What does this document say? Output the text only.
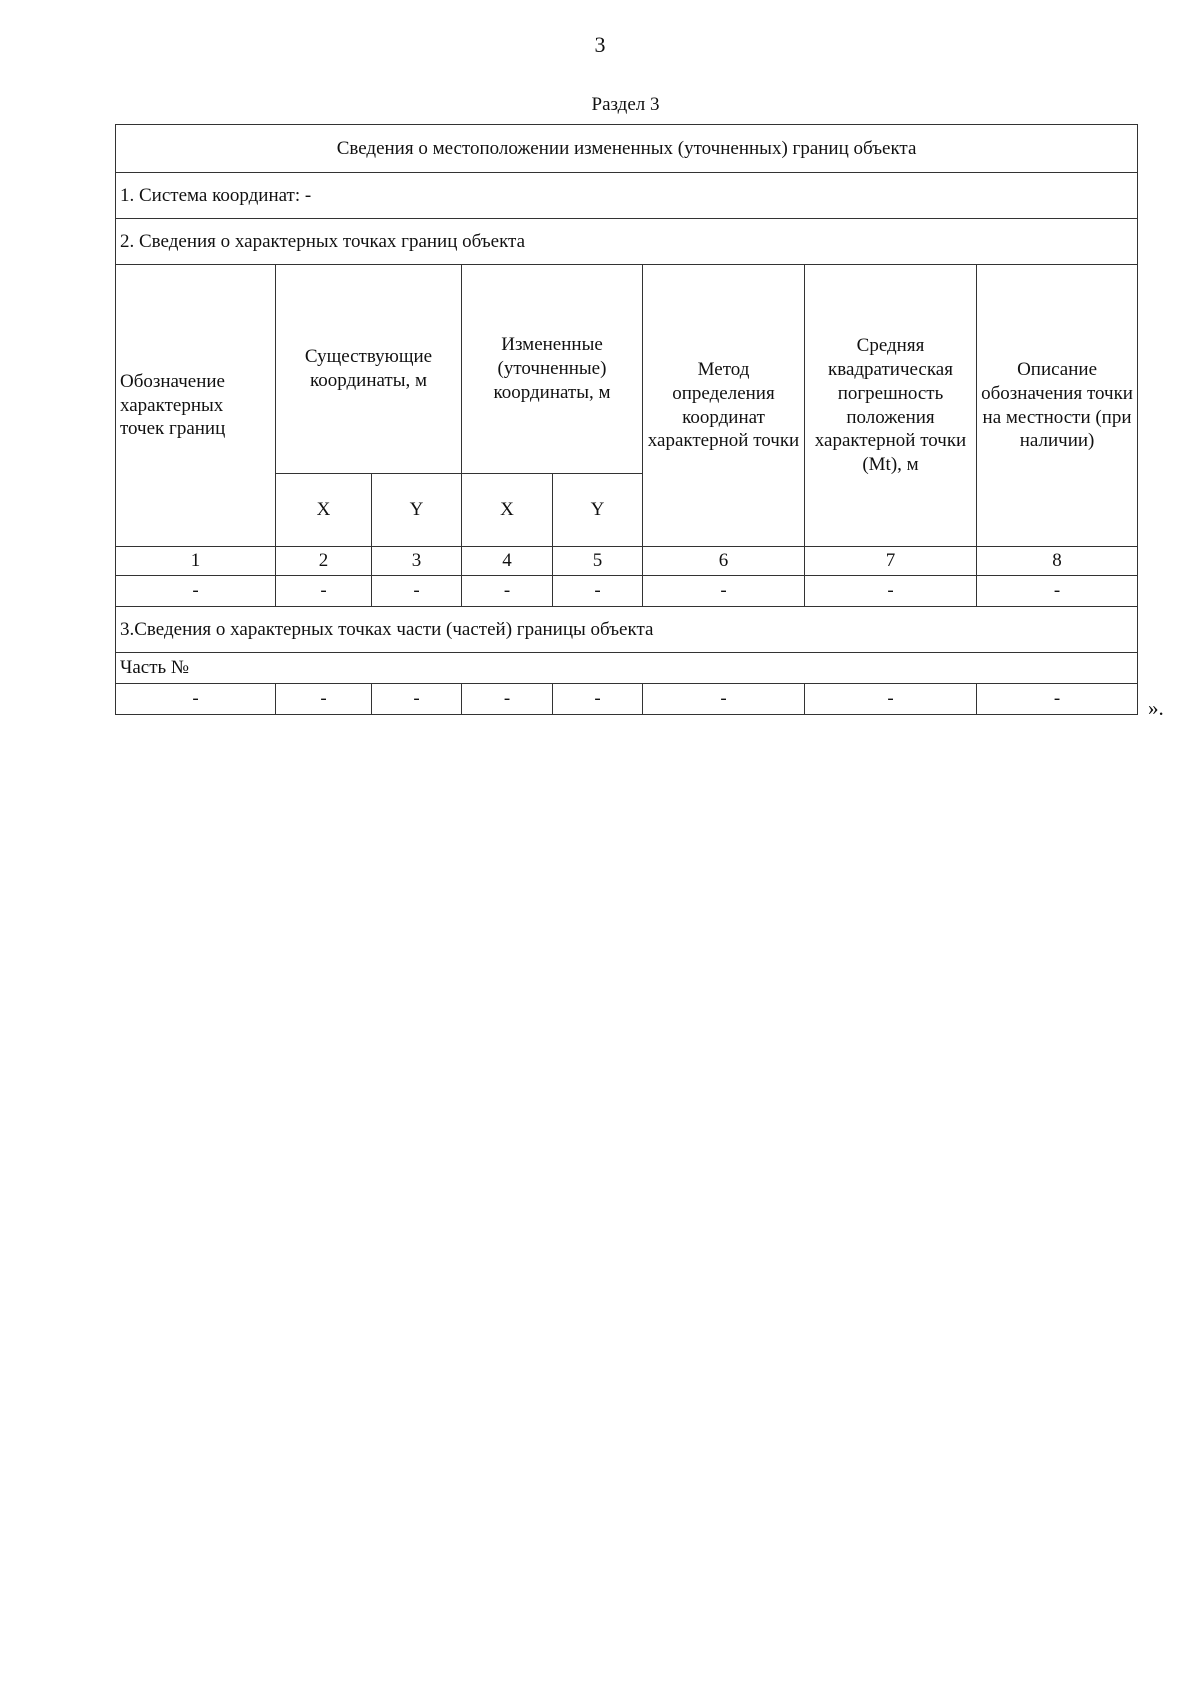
3
Раздел 3
Сведения о местоположении измененных (уточненных) границ объекта							
1. Система координат: -							
2. Сведения о характерных точках границ объекта							
Обозначение характерных точек границ	Существующие координаты, м		Измененные (уточненные) координаты, м		Метод определения координат характерной точки	Средняя квадратическая погрешность положения характерной точки (Mt), м	Описание обозначения точки на местности (при наличии)
	X	Y	X	Y			
1	2	3	4	5	6	7	8
-	-	-	-	-	-	-	-
3.Сведения о характерных точках части (частей) границы объекта							
Часть №							
-	-	-	-	-	-	-	-	».
